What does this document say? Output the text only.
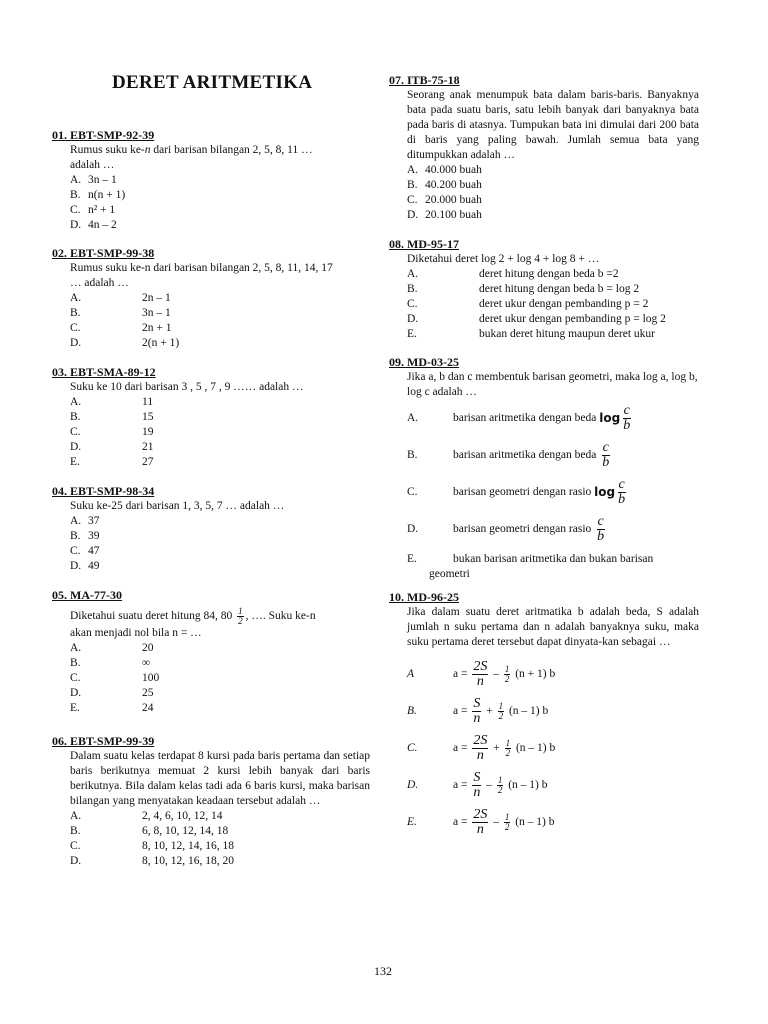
DERET ARITMETIKA
01. EBT-SMP-92-39
Rumus suku ke-n dari barisan bilangan 2, 5, 8, 11 …
adalah …
A. 3n – 1
B. n(n + 1)
C. n² + 1
D. 4n – 2
02. EBT-SMP-99-38
Rumus suku ke-n dari barisan bilangan 2, 5, 8, 11, 14, 17
… adalah …
A.	2n – 1
B.	3n – 1
C.	2n + 1
D.	2(n + 1)
03. EBT-SMA-89-12
Suku ke 10 dari barisan 3 , 5 , 7 , 9 …… adalah …
A.	11
B.	15
C.	19
D.	21
E.	27
04. EBT-SMP-98-34
Suku ke-25 dari barisan 1, 3, 5, 7 … adalah …
A. 37
B. 39
C. 47
D. 49
05. MA-77-30
Diketahui suatu deret hitung 84, $80 \frac{1}{2}$ , …. Suku ke-n
akan menjadi nol bila n = …
A.	20
B.	∞
C.	100
D.	25
E.	24
06. EBT-SMP-99-39
Dalam suatu kelas terdapat 8 kursi pada baris pertama dan setiap baris berikutnya memuat 2 kursi lebih banyak dari baris berikutnya. Bila dalam kelas tadi ada 6 baris kursi, maka barisan bilangan yang menyatakan keadaan tersebut adalah …
A.	2, 4, 6, 10, 12, 14
B.	6, 8, 10, 12, 14, 18
C.	8, 10, 12, 14, 16, 18
D.	8, 10, 12, 16, 18, 20
07. ITB-75-18
Seorang anak menumpuk bata dalam baris-baris. Banyaknya bata pada suatu baris, satu lebih banyak dari banyaknya bata pada baris di atasnya. Tumpukan bata ini dimulai dari 200 bata di baris yang paling bawah. Jumlah semua bata yang ditumpukkan adalah …
A. 40.000 buah
B. 40.200 buah
C. 20.000 buah
D. 20.100 buah
08. MD-95-17
Diketahui deret log 2 + log 4 + log 8 + …
A.	deret hitung dengan beda b =2
B.	deret hitung dengan beda b = log 2
C.	deret ukur dengan pembanding p = 2
D.	deret ukur dengan pembanding p = log 2
E.	bukan deret hitung maupun deret ukur
09. MD-03-25
Jika a, b dan c membentuk barisan geometri, maka log a, log b, log c adalah …
A.	barisan aritmetika dengan beda
$\log \frac{c}{b}$
B.	barisan aritmetika dengan beda
$\frac{c}{b}$
C.	barisan geometri dengan rasio
$\log \frac{c}{b}$
D.	barisan geometri dengan rasio
$\frac{c}{b}$
E.	bukan barisan aritmetika dan bukan barisan
geometri
10. MD-96-25
Jika dalam suatu deret aritmatika b adalah beda, S adalah jumlah n suku pertama dan n adalah banyaknya suku, maka suku pertama deret tersebut dapat dinyata-kan sebagai …
A	a =
$\frac{2S}{n}$
–
$\frac{1}{2}$
(n + 1) b
B.	a =
$\frac{S}{n}$
+
$\frac{1}{2}$
(n – 1) b
C.	a =
$\frac{2S}{n}$
+
$\frac{1}{2}$
(n – 1) b
D.	a =
$\frac{S}{n}$
–
$\frac{1}{2}$
(n – 1) b
E.	a =
$\frac{2S}{n}$
–
$\frac{1}{2}$
(n – 1) b
132
